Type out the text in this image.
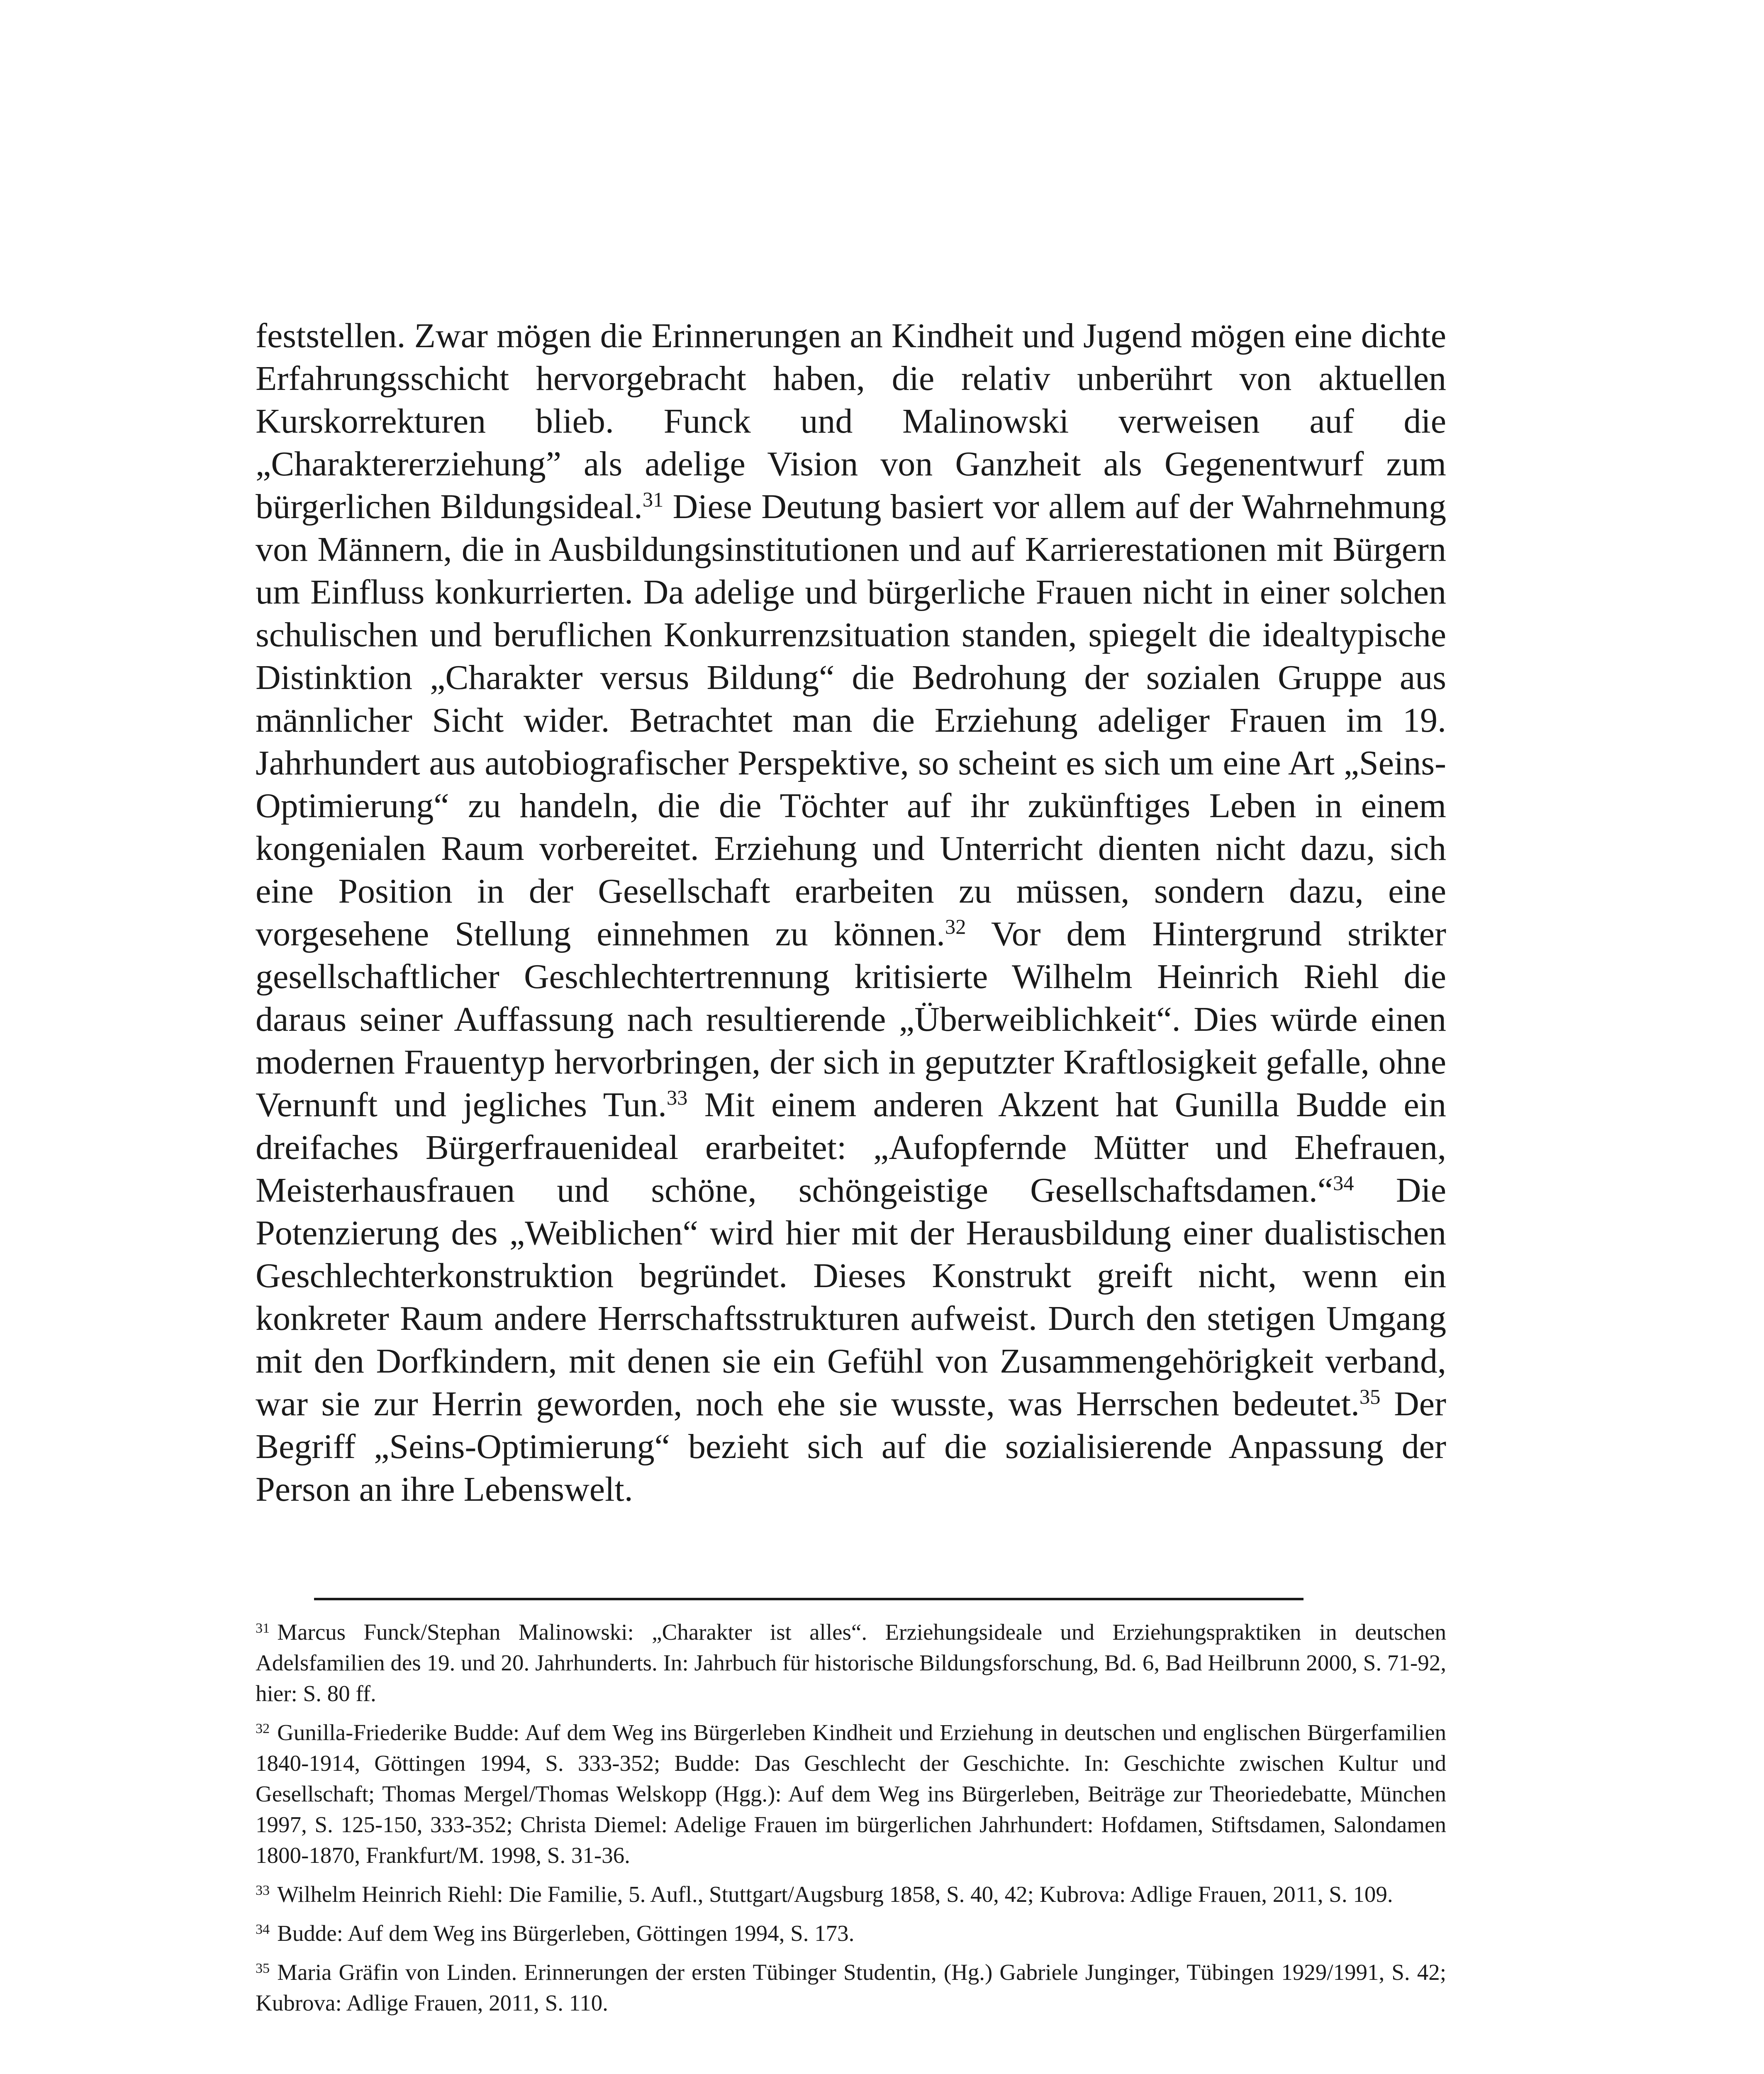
feststellen. Zwar mögen die Erinnerungen an Kindheit und Jugend mögen eine dichte Erfahrungsschicht hervorgebracht haben, die relativ unberührt von aktuellen Kurskorrekturen blieb. Funck und Malinowski verweisen auf die „Charaktererziehung” als adelige Vision von Ganzheit als Gegenentwurf zum bürgerlichen Bildungsideal.$^{31}$ Diese Deutung basiert vor allem auf der Wahrnehmung von Männern, die in Ausbildungsinstitutionen und auf Karrierestationen mit Bürgern um Einfluss konkurrierten. Da adelige und bürgerliche Frauen nicht in einer solchen schulischen und beruflichen Konkurrenzsituation standen, spiegelt die idealtypische Distinktion „Charakter versus Bildung“ die Bedrohung der sozialen Gruppe aus männlicher Sicht wider. Betrachtet man die Erziehung adeliger Frauen im 19. Jahrhundert aus autobiografischer Perspektive, so scheint es sich um eine Art „Seins-Optimierung“ zu handeln, die die Töchter auf ihr zukünftiges Leben in einem kongenialen Raum vorbereitet. Erziehung und Unterricht dienten nicht dazu, sich eine Position in der Gesellschaft erarbeiten zu müssen, sondern dazu, eine vorgesehene Stellung einnehmen zu können.$^{32}$ Vor dem Hintergrund strikter gesellschaftlicher Geschlechtertrennung kritisierte Wilhelm Heinrich Riehl die daraus seiner Auffassung nach resultierende „Überweiblichkeit“. Dies würde einen modernen Frauentyp hervorbringen, der sich in geputzter Kraftlosigkeit gefalle, ohne Vernunft und jegliches Tun.$^{33}$ Mit einem anderen Akzent hat Gunilla Budde ein dreifaches Bürgerfrauenideal erarbeitet: „Aufopfernde Mütter und Ehefrauen, Meisterhausfrauen und schöne, schöngeistige Gesellschaftsdamen.“$^{34}$ Die Potenzierung des „Weiblichen“ wird hier mit der Herausbildung einer dualistischen Geschlechterkonstruktion begründet. Dieses Konstrukt greift nicht, wenn ein konkreter Raum andere Herrschaftsstrukturen aufweist. Durch den stetigen Umgang mit den Dorfkindern, mit denen sie ein Gefühl von Zusammengehörigkeit verband, war sie zur Herrin geworden, noch ehe sie wusste, was Herrschen bedeutet.$^{35}$ Der Begriff „Seins-Optimierung“ bezieht sich auf die sozialisierende Anpassung der Person an ihre Lebenswelt.

$^{31}$ Marcus Funck/Stephan Malinowski: „Charakter ist alles“. Erziehungsideale und Erziehungspraktiken in deutschen Adelsfamilien des 19. und 20. Jahrhunderts. In: Jahrbuch für historische Bildungsforschung, Bd. 6, Bad Heilbrunn 2000, S. 71-92, hier: S. 80 ff.

$^{32}$ Gunilla-Friederike Budde: Auf dem Weg ins Bürgerleben Kindheit und Erziehung in deutschen und englischen Bürgerfamilien 1840-1914, Göttingen 1994, S. 333-352; Budde: Das Geschlecht der Geschichte. In: Geschichte zwischen Kultur und Gesellschaft; Thomas Mergel/Thomas Welskopp (Hgg.): Auf dem Weg ins Bürgerleben, Beiträge zur Theoriedebatte, München 1997, S. 125-150, 333-352; Christa Diemel: Adelige Frauen im bürgerlichen Jahrhundert: Hofdamen, Stiftsdamen, Salondamen 1800-1870, Frankfurt/M. 1998, S. 31-36.

$^{33}$ Wilhelm Heinrich Riehl: Die Familie, 5. Aufl., Stuttgart/Augsburg 1858, S. 40, 42; Kubrova: Adlige Frauen, 2011, S. 109.

$^{34}$ Budde: Auf dem Weg ins Bürgerleben, Göttingen 1994, S. 173.

$^{35}$ Maria Gräfin von Linden. Erinnerungen der ersten Tübinger Studentin, (Hg.) Gabriele Junginger, Tübingen 1929/1991, S. 42; Kubrova: Adlige Frauen, 2011, S. 110.
